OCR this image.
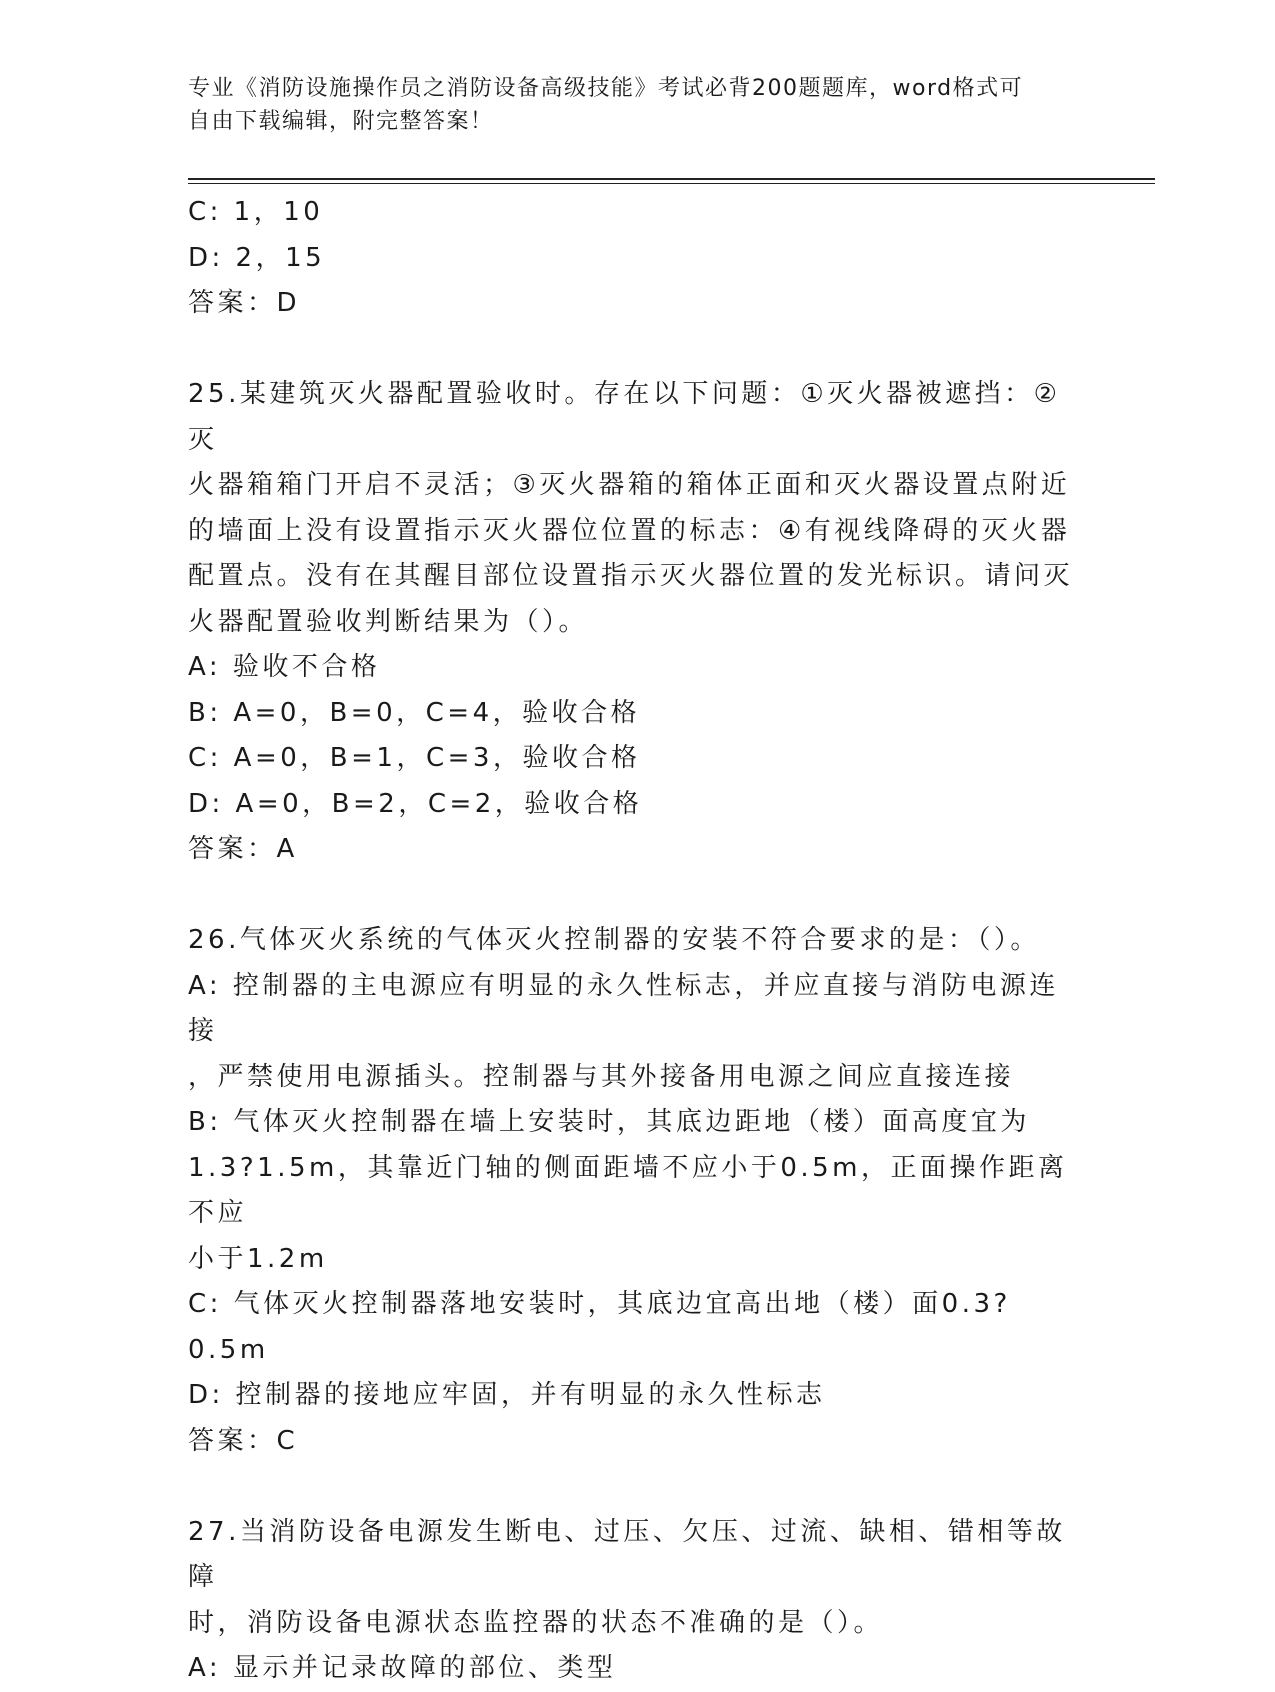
专业《消防设施操作员之消防设备高级技能》考试必背200题题库，word格式可
自由下载编辑，附完整答案！
C: 1，10
D: 2，15
答案：D
25.某建筑灭火器配置验收时。存在以下问题：①灭火器被遮挡：②灭
火器箱箱门开启不灵活；③灭火器箱的箱体正面和灭火器设置点附近
的墙面上没有设置指示灭火器位位置的标志：④有视线降碍的灭火器
配置点。没有在其醒目部位设置指示灭火器位置的发光标识。请问灭
火器配置验收判断结果为（）。
A: 验收不合格
B: A=0，B=0，C=4，验收合格
C: A=0，B=1，C=3，验收合格
D: A=0，B=2，C=2，验收合格
答案：A
26.气体灭火系统的气体灭火控制器的安装不符合要求的是：（）。
A: 控制器的主电源应有明显的永久性标志，并应直接与消防电源连接
，严禁使用电源插头。控制器与其外接备用电源之间应直接连接
B: 气体灭火控制器在墙上安装时，其底边距地（楼）面高度宜为
1.3?1.5m，其靠近门轴的侧面距墙不应小于0.5m，正面操作距离不应
小于1.2m
C: 气体灭火控制器落地安装时，其底边宜高出地（楼）面0.3?0.5m
D: 控制器的接地应牢固，并有明显的永久性标志
答案：C
27.当消防设备电源发生断电、过压、欠压、过流、缺相、错相等故障
时，消防设备电源状态监控器的状态不准确的是（）。
A: 显示并记录故障的部位、类型
